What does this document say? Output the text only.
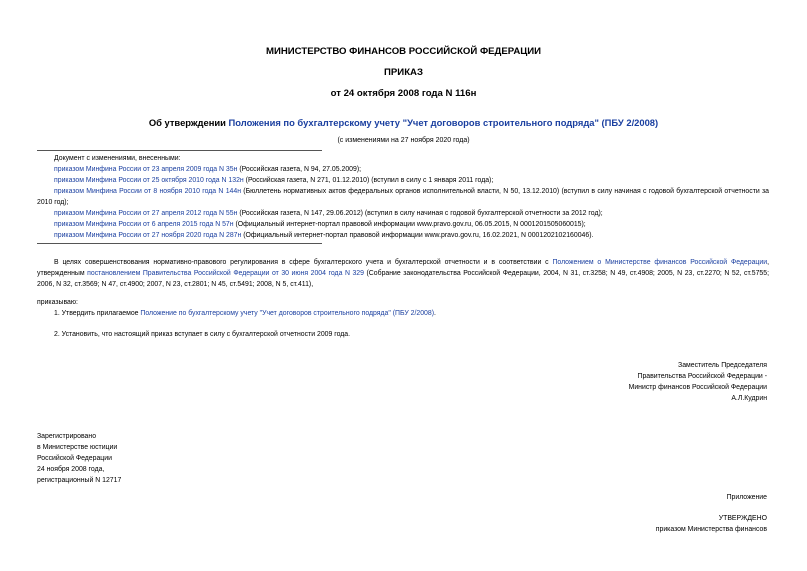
МИНИСТЕРСТВО ФИНАНСОВ РОССИЙСКОЙ ФЕДЕРАЦИИ
ПРИКАЗ
от 24 октября 2008 года N 116н
Об утверждении Положения по бухгалтерскому учету "Учет договоров строительного подряда" (ПБУ 2/2008)
(с изменениями на 27 ноября 2020 года)
Документ с изменениями, внесенными:
приказом Минфина России от 23 апреля 2009 года N 35н (Российская газета, N 94, 27.05.2009);
приказом Минфина России от 25 октября 2010 года N 132н (Российская газета, N 271, 01.12.2010) (вступил в силу с 1 января 2011 года);
приказом Минфина России от 8 ноября 2010 года N 144н (Бюллетень нормативных актов федеральных органов исполнительной власти, N 50, 13.12.2010) (вступил в силу начиная с годовой бухгалтерской отчетности за 2010 год);
приказом Минфина России от 27 апреля 2012 года N 55н (Российская газета, N 147, 29.06.2012) (вступил в силу начиная с годовой бухгалтерской отчетности за 2012 год);
приказом Минфина России от 6 апреля 2015 года N 57н (Официальный интернет-портал правовой информации www.pravo.gov.ru, 06.05.2015, N 0001201505060015);
приказом Минфина России от 27 ноября 2020 года N 287н (Официальный интернет-портал правовой информации www.pravo.gov.ru, 16.02.2021, N 0001202102160046).
В целях совершенствования нормативно-правового регулирования в сфере бухгалтерского учета и бухгалтерской отчетности и в соответствии с Положением о Министерстве финансов Российской Федерации, утвержденным постановлением Правительства Российской Федерации от 30 июня 2004 года N 329 (Собрание законодательства Российской Федерации, 2004, N 31, ст.3258; N 49, ст.4908; 2005, N 23, ст.2270; N 52, ст.5755; 2006, N 32, ст.3569; N 47, ст.4900; 2007, N 23, ст.2801; N 45, ст.5491; 2008, N 5, ст.411),
приказываю:
1. Утвердить прилагаемое Положение по бухгалтерскому учету "Учет договоров строительного подряда" (ПБУ 2/2008).
2. Установить, что настоящий приказ вступает в силу с бухгалтерской отчетности 2009 года.
Заместитель Председателя
Правительства Российской Федерации -
Министр финансов Российской Федерации
А.Л.Кудрин
Зарегистрировано
в Министерстве юстиции
Российской Федерации
24 ноября 2008 года,
регистрационный N 12717
Приложение
УТВЕРЖДЕНО
приказом Министерства финансов
